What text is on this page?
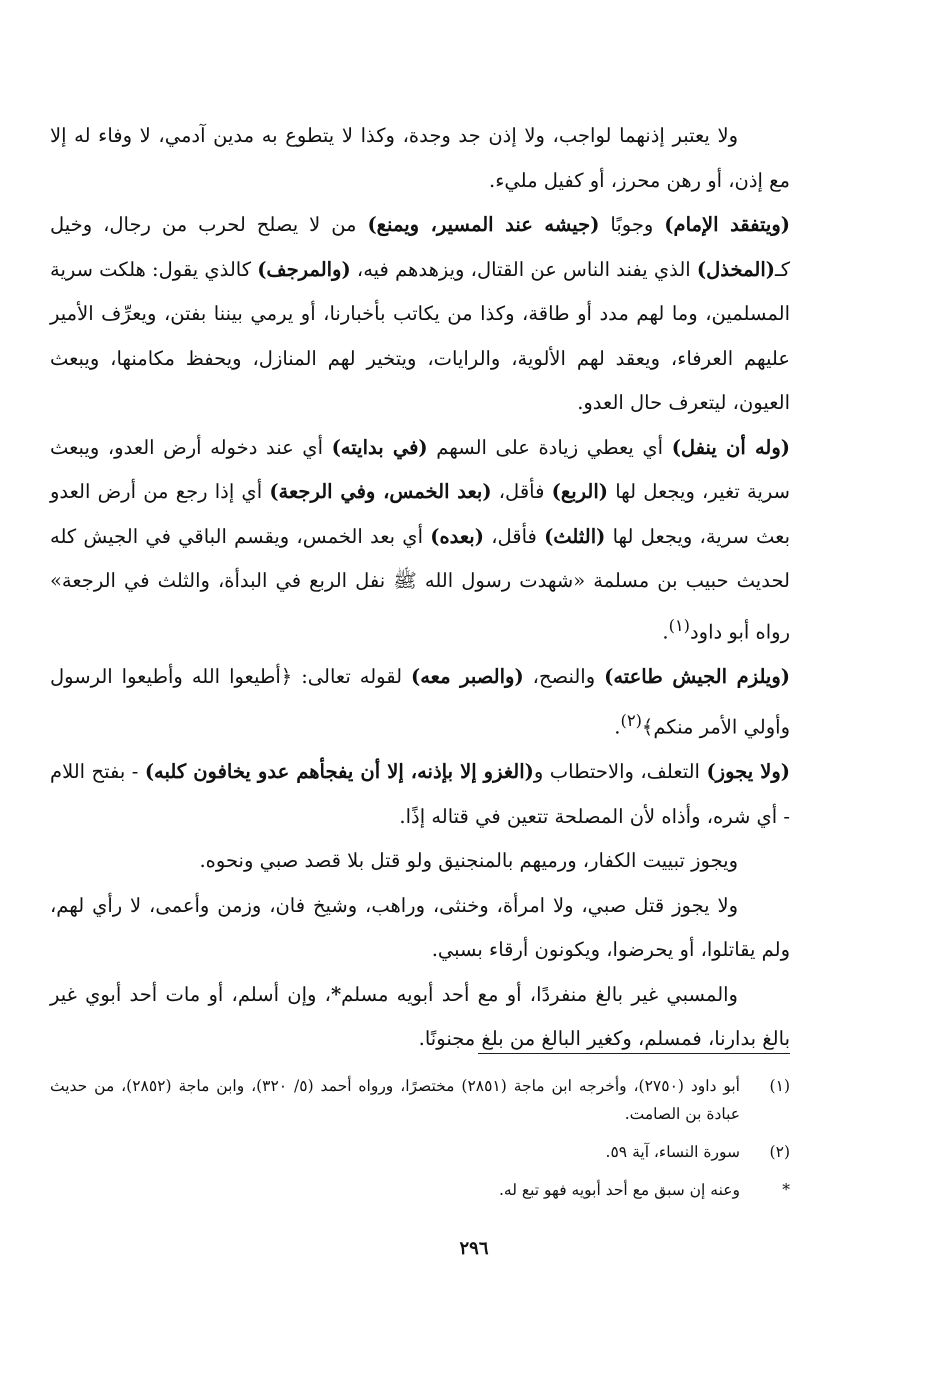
ولا يعتبر إذنهما لواجب، ولا إذن جد وجدة، وكذا لا يتطوع به مدين آدمي، لا وفاء له إلا مع إذن، أو رهن محرز، أو كفيل مليء.

(ويتفقد الإمام) وجوبًا (جيشه عند المسير، ويمنع) من لا يصلح لحرب من رجال، وخيل كـ(المخذل) الذي يفند الناس عن القتال، ويزهدهم فيه، (والمرجف) كالذي يقول: هلكت سرية المسلمين، وما لهم مدد أو طاقة، وكذا من يكاتب بأخبارنا، أو يرمي بيننا بفتن، ويعرِّف الأمير عليهم العرفاء، ويعقد لهم الألوية، والرايات، ويتخير لهم المنازل، ويحفظ مكامنها، ويبعث العيون، ليتعرف حال العدو.

(وله أن ينفل) أي يعطي زيادة على السهم (في بدايته) أي عند دخوله أرض العدو، ويبعث سرية تغير، ويجعل لها (الربع) فأقل، (بعد الخمس، وفي الرجعة) أي إذا رجع من أرض العدو بعث سرية، ويجعل لها (الثلث) فأقل، (بعده) أي بعد الخمس، ويقسم الباقي في الجيش كله لحديث حبيب بن مسلمة «شهدت رسول الله ﷺ نفل الربع في البدأة، والثلث في الرجعة» رواه أبو داود$^{(١)}$.

(ويلزم الجيش طاعته) والنصح، (والصبر معه) لقوله تعالى: ﴿أطيعوا الله وأطيعوا الرسول وأولي الأمر منكم﴾$^{(٢)}$.

(ولا يجوز) التعلف، والاحتطاب و(الغزو إلا بإذنه، إلا أن يفجأهم عدو يخافون كلبه) - بفتح اللام - أي شره، وأذاه لأن المصلحة تتعين في قتاله إذًا.

ويجوز تبييت الكفار، ورميهم بالمنجنيق ولو قتل بلا قصد صبي ونحوه.

ولا يجوز قتل صبي، ولا امرأة، وخنثى، وراهب، وشيخ فان، وزمن وأعمى، لا رأي لهم، ولم يقاتلوا، أو يحرضوا، ويكونون أرقاء بسبي.

والمسبي غير بالغ منفردًا، أو مع أحد أبويه مسلم*، وإن أسلم، أو مات أحد أبوي غير بالغ بدارنا، فمسلم، وكغير البالغ من بلغ مجنونًا.

(١)
أبو داود (٢٧٥٠)، وأخرجه ابن ماجة (٢٨٥١) مختصرًا، ورواه أحمد (٥/ ٣٢٠)، وابن ماجة (٢٨٥٢)، من حديث عبادة بن الصامت.
(٢)
سورة النساء، آية ٥٩.
*
وعنه إن سبق مع أحد أبويه فهو تبع له.
٢٩٦
